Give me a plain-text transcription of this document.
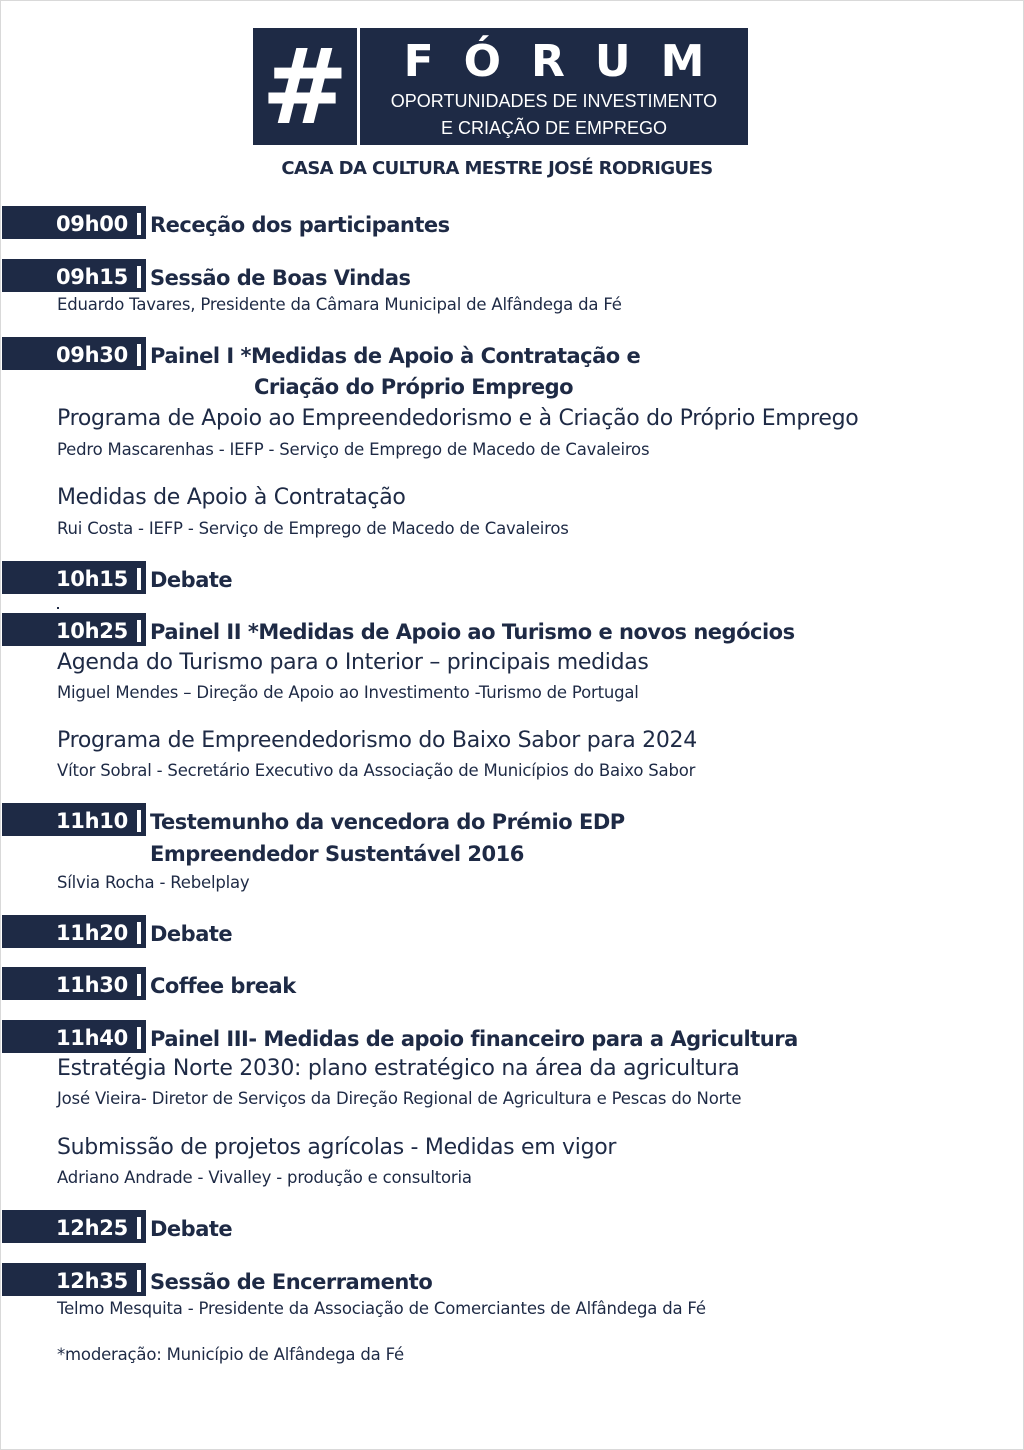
#	FÓRUM
OPORTUNIDADES DE INVESTIMENTO
E CRIAÇÃO DE EMPREGO
CASA DA CULTURA MESTRE JOSÉ RODRIGUES
09h00 Receção dos participantes
09h15 Sessão de Boas Vindas
Eduardo Tavares, Presidente da Câmara Municipal de Alfândega da Fé
09h30 Painel I *Medidas de Apoio à Contratação e
Criação do Próprio Emprego
Programa de Apoio ao Empreendedorismo e à Criação do Próprio Emprego
Pedro Mascarenhas - IEFP - Serviço de Emprego de Macedo de Cavaleiros
Medidas de Apoio à Contratação
Rui Costa - IEFP - Serviço de Emprego de Macedo de Cavaleiros
10h15 Debate
10h25 Painel II *Medidas de Apoio ao Turismo e novos negócios
Agenda do Turismo para o Interior – principais medidas
Miguel Mendes – Direção de Apoio ao Investimento -Turismo de Portugal
Programa de Empreendedorismo do Baixo Sabor para 2024
Vítor Sobral - Secretário Executivo da Associação de Municípios do Baixo Sabor
11h10 Testemunho da vencedora do Prémio EDP
Empreendedor Sustentável 2016
Sílvia Rocha - Rebelplay
11h20 Debate
11h30 Coffee break
11h40 Painel III- Medidas de apoio financeiro para a Agricultura
Estratégia Norte 2030: plano estratégico na área da agricultura
José Vieira- Diretor de Serviços da Direção Regional de Agricultura e Pescas do Norte
Submissão de projetos agrícolas - Medidas em vigor
Adriano Andrade - Vivalley - produção e consultoria
12h25 Debate
12h35 Sessão de Encerramento
Telmo Mesquita - Presidente da Associação de Comerciantes de Alfândega da Fé
*moderação: Município de Alfândega da Fé
